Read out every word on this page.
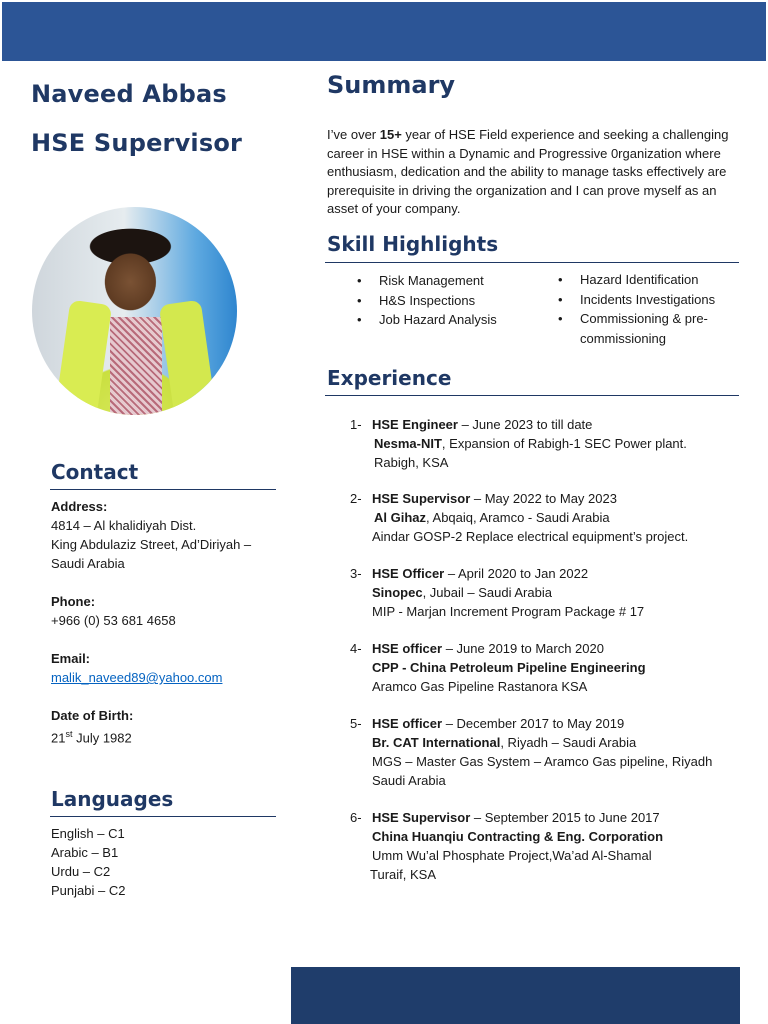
Naveed Abbas
HSE Supervisor
Contact
Address:
4814 – Al khalidiyah Dist.
King Abdulaziz Street, Ad’Diriyah –
Saudi Arabia
Phone:
+966 (0) 53 681 4658
Email:
malik_naveed89@yahoo.com
Date of Birth:
21st July 1982
Languages
English – C1
Arabic – B1
Urdu – C2
Punjabi – C2
Summary

I’ve over 15+ year of HSE Field experience and seeking a challenging career in HSE within a Dynamic and Progressive 0rganization where enthusiasm, dedication and the ability to manage tasks effectively are prerequisite in driving the organization and I can prove myself as an asset of your company.

Skill Highlights
• Risk Management
• H&S Inspections
• Job Hazard Analysis
• Hazard Identification
• Incidents Investigations
• Commissioning & pre-
commissioning
Experience
1- HSE Engineer – June 2023 to till date
Nesma-NIT, Expansion of Rabigh-1 SEC Power plant.
Rabigh, KSA
2- HSE Supervisor – May 2022 to May 2023
Al Gihaz, Abqaiq, Aramco - Saudi Arabia
Aindar GOSP-2 Replace electrical equipment’s project.
3- HSE Officer – April 2020 to Jan 2022
Sinopec, Jubail – Saudi Arabia
MIP - Marjan Increment Program Package # 17
4- HSE officer – June 2019 to March 2020
CPP - China Petroleum Pipeline Engineering
Aramco Gas Pipeline Rastanora KSA
5- HSE officer – December 2017 to May 2019
Br. CAT International, Riyadh – Saudi Arabia
MGS – Master Gas System – Aramco Gas pipeline, Riyadh
Saudi Arabia
6- HSE Supervisor – September 2015 to June 2017
China Huanqiu Contracting & Eng. Corporation
Umm Wu’al Phosphate Project,Wa’ad Al-Shamal
Turaif, KSA
